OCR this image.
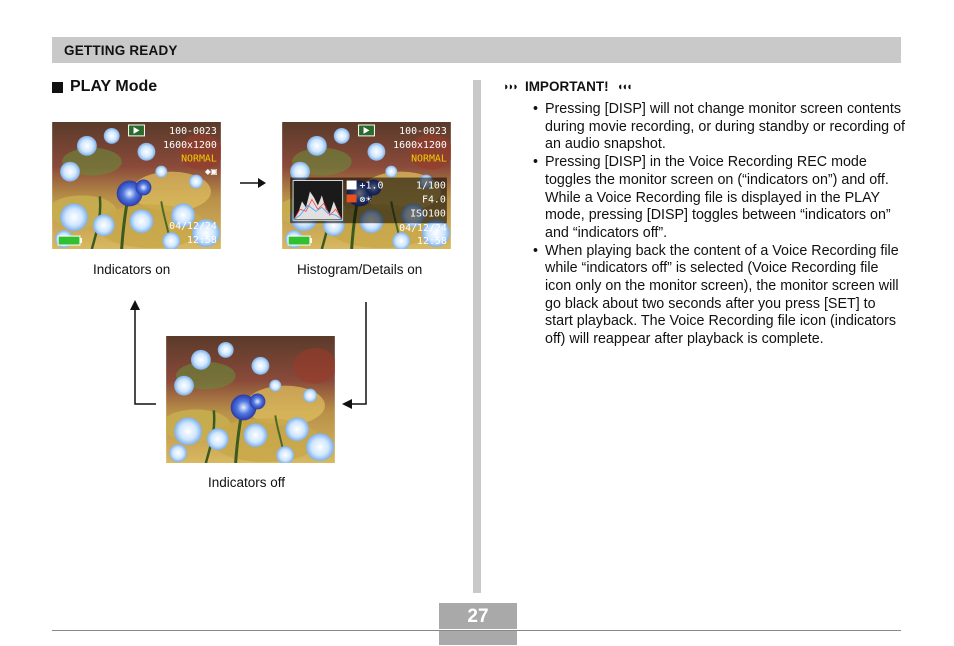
GETTING READY
PLAY Mode
100-0023
1600x1200
NORMAL
◆▣
04/12/24
12:58
Indicators on
100-0023
1600x1200
NORMAL
+1.0
⊗☀
1/100
F4.0
ISO100
04/12/24
12:58
Histogram/Details on
Indicators off
◗◗◗ IMPORTANT! ◖◖◖

• Pressing [DISP] will not change monitor screen contents during movie recording, or during standby or recording of an audio snapshot.

• Pressing [DISP] in the Voice Recording REC mode toggles the monitor screen on (“indicators on”) and off. While a Voice Recording file is displayed in the PLAY mode, pressing [DISP] toggles between “indicators on” and “indicators off”.

• When playing back the content of a Voice Recording file while “indicators off” is selected (Voice Recording file icon only on the monitor screen), the monitor screen will go black about two seconds after you press [SET] to start playback. The Voice Recording file icon (indicators off) will reappear after playback is complete.

27
